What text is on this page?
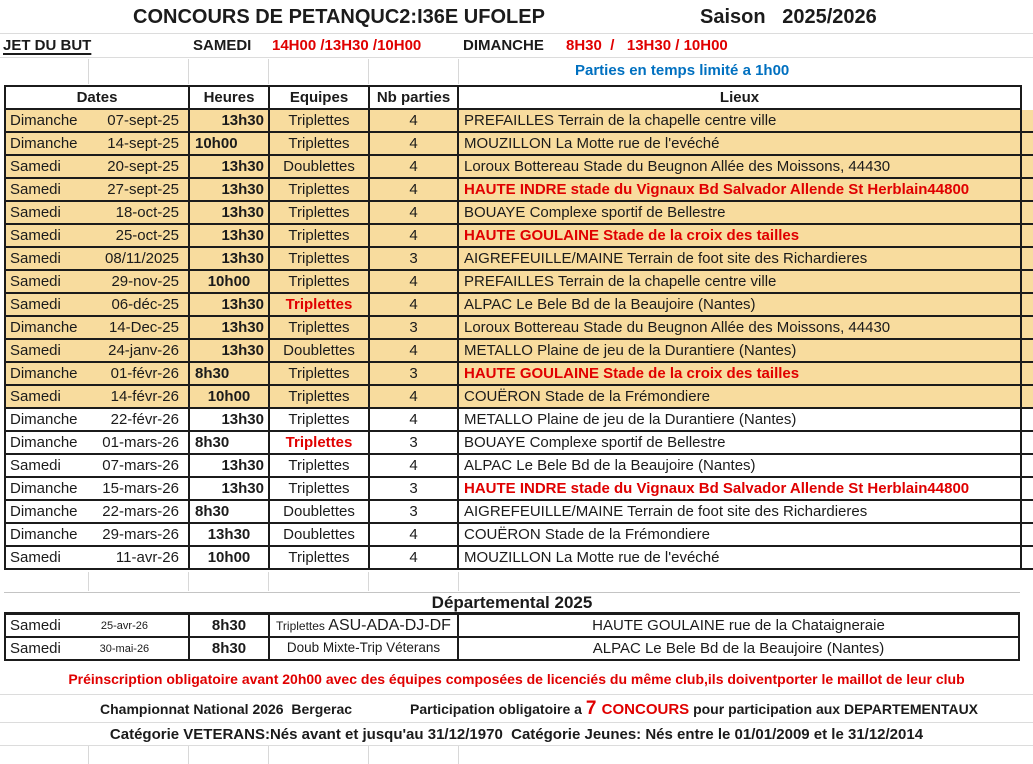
CONCOURS DE PETANQUC2:I36E UFOLEP	Saison   2025/2026
JET DU BUT	SAMEDI 14H00 /13H30 /10H00	DIMANCHE 8H30  /   13H30 / 10H00
Parties en temps limité a 1h00
Dates	Heures	Equipes	Nb parties	Lieux
Dimanche 07-sept-25	13h30	Triplettes	4	PREFAILLES Terrain de la chapelle centre ville
Dimanche 14-sept-25	10h00	Triplettes	4	MOUZILLON La Motte rue de l'evéché
Samedi	20-sept-25	13h30	Doublettes	4	Loroux Bottereau Stade du Beugnon Allée des Moissons, 44430
Samedi	27-sept-25	13h30	Triplettes	4	HAUTE INDRE stade du Vignaux Bd Salvador Allende St Herblain44800
Samedi	18-oct-25	13h30	Triplettes	4	BOUAYE Complexe sportif de Bellestre
Samedi	25-oct-25	13h30	Triplettes	4	HAUTE GOULAINE Stade de la croix des tailles
Samedi	08/11/2025	13h30	Triplettes	3	AIGREFEUILLE/MAINE Terrain de foot site des Richardieres
Samedi	29-nov-25	10h00	Triplettes	4	PREFAILLES Terrain de la chapelle centre ville
Samedi	06-déc-25	13h30	Triplettes	4	ALPAC Le Bele Bd de la Beaujoire (Nantes)
Dimanche 14-Dec-25	13h30	Triplettes	3	Loroux Bottereau Stade du Beugnon Allée des Moissons, 44430
Samedi	24-janv-26	13h30	Doublettes	4	METALLO Plaine de jeu de la Durantiere (Nantes)
Dimanche 01-févr-26	8h30	Triplettes	3	HAUTE GOULAINE Stade de la croix des tailles
Samedi	14-févr-26	10h00	Triplettes	4	COUËRON Stade de la Frémondiere
Dimanche 22-févr-26	13h30	Triplettes	4	METALLO Plaine de jeu de la Durantiere (Nantes)
Dimanche 01-mars-26	8h30	Triplettes	3	BOUAYE Complexe sportif de Bellestre
Samedi	07-mars-26	13h30	Triplettes	4	ALPAC Le Bele Bd de la Beaujoire (Nantes)
Dimanche 15-mars-26	13h30	Triplettes	3	HAUTE INDRE stade du Vignaux Bd Salvador Allende St Herblain44800
Dimanche 22-mars-26	8h30	Doublettes	3	AIGREFEUILLE/MAINE Terrain de foot site des Richardieres
Dimanche 29-mars-26	13h30	Doublettes	4	COUËRON Stade de la Frémondiere
Samedi	11-avr-26	10h00	Triplettes	4	MOUZILLON La Motte rue de l'evéché
Départemental 2025
Samedi	25-avr-26	8h30	Triplettes ASU-ADA-DJ-DF	HAUTE GOULAINE rue de la Chataigneraie
Samedi	30-mai-26	8h30	Doub Mixte-Trip Véterans	ALPAC Le Bele Bd de la Beaujoire (Nantes)
Préinscription obligatoire avant 20h00 avec des équipes composées de licenciés du même club,ils doiventporter le maillot de leur club
Championnat National 2026  Bergerac	Participation obligatoire a 7 CONCOURS pour participation aux DEPARTEMENTAUX
Catégorie VETERANS:Nés avant et jusqu'au 31/12/1970  Catégorie Jeunes: Nés entre le 01/01/2009 et le 31/12/2014
